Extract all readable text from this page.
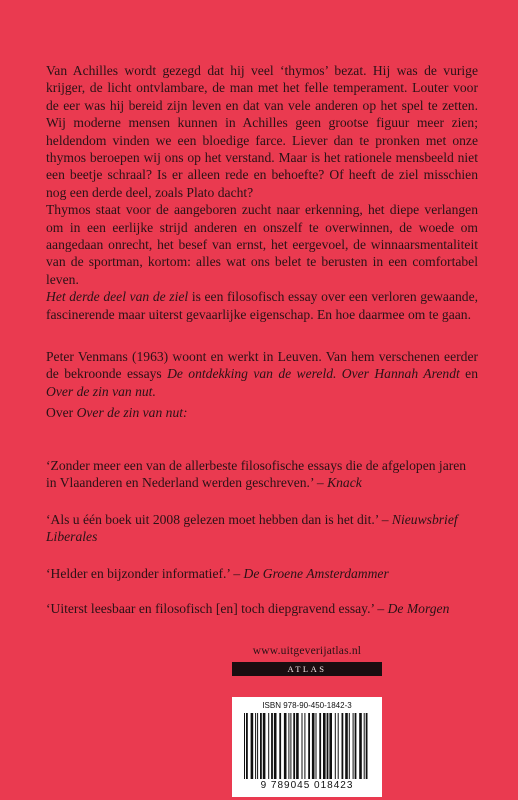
Van Achilles wordt gezegd dat hij veel ‘thymos’ bezat. Hij was de vurige krijger, de licht ontvlambare, de man met het felle temperament. Louter voor de eer was hij bereid zijn leven en dat van vele anderen op het spel te zetten. Wij moderne mensen kunnen in Achilles geen grootse figuur meer zien; heldendom vinden we een bloedige farce. Liever dan te pronken met onze thymos beroepen wij ons op het verstand. Maar is het rationele mensbeeld niet een beetje schraal? Is er alleen rede en behoefte? Of heeft de ziel misschien nog een derde deel, zoals Plato dacht?

Thymos staat voor de aangeboren zucht naar erkenning, het diepe verlangen om in een eerlijke strijd anderen en onszelf te overwinnen, de woede om aangedaan onrecht, het besef van ernst, het eergevoel, de winnaarsmentaliteit van de sportman, kortom: alles wat ons belet te berusten in een comfortabel leven.

Het derde deel van de ziel is een filosofisch essay over een verloren gewaande, fascinerende maar uiterst gevaarlijke eigenschap. En hoe daarmee om te gaan.

Peter Venmans (1963) woont en werkt in Leuven. Van hem verschenen eerder de bekroonde essays De ontdekking van de wereld. Over Hannah Arendt en Over de zin van nut.

Over Over de zin van nut:

‘Zonder meer een van de allerbeste filosofische essays die de afgelopen jaren in Vlaanderen en Nederland werden geschreven.’ – Knack
‘Als u één boek uit 2008 gelezen moet hebben dan is het dit.’ – Nieuwsbrief Liberales
‘Helder en bijzonder informatief.’ – De Groene Amsterdammer
‘Uiterst leesbaar en filosofisch [en] toch diepgravend essay.’ – De Morgen
www.uitgeverijatlas.nl
ATLAS
ISBN 978-90-450-1842-3
9 789045 018423
